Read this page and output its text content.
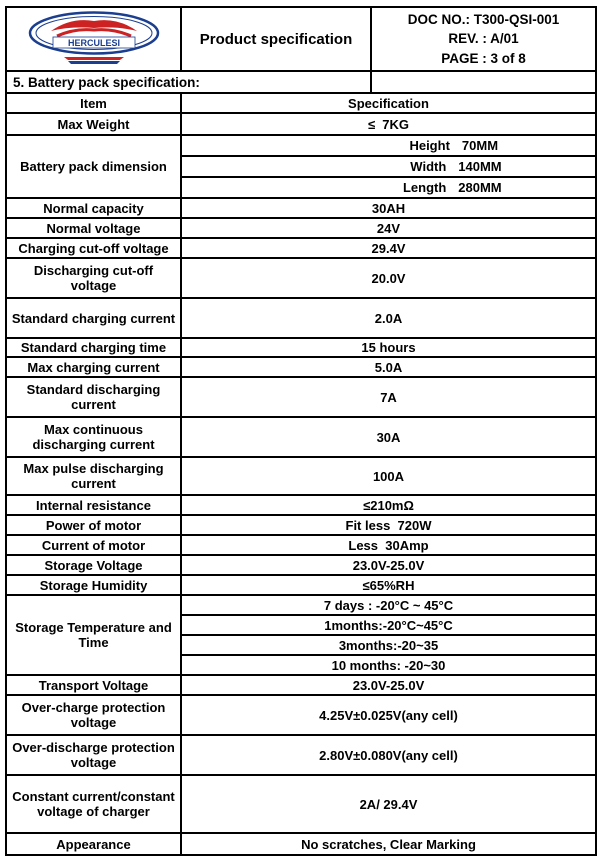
HERCULESI	Product specification	
DOC NO.: T300-QSI-001
REV. : A/01
PAGE : 3 of 8
5. Battery pack specification:	
Item	Specification
Max Weight	≤  7KG
Battery pack dimension	Height 70MM
	Width 140MM
	Length 280MM
Normal capacity	30AH
Normal voltage	24V
Charging cut-off voltage	29.4V
Discharging cut-off voltage	20.0V
Standard charging current	2.0A
Standard charging time	15 hours
Max charging current	5.0A
Standard discharging current	7A
Max continuous discharging current	30A
Max pulse discharging current	100A
Internal resistance	≤210mΩ
Power of motor	Fit less  720W
Current of motor	Less  30Amp
Storage Voltage	23.0V-25.0V
Storage Humidity	≤65%RH
Storage Temperature and Time	7 days : -20°C ~ 45°C
	1months:-20°C~45°C
	3months:-20~35
	10 months: -20~30
Transport Voltage	23.0V-25.0V
Over-charge protection voltage	4.25V±0.025V(any cell)
Over-discharge protection voltage	2.80V±0.080V(any cell)
Constant current/constant voltage of charger	2A/ 29.4V
Appearance	No scratches, Clear Marking
